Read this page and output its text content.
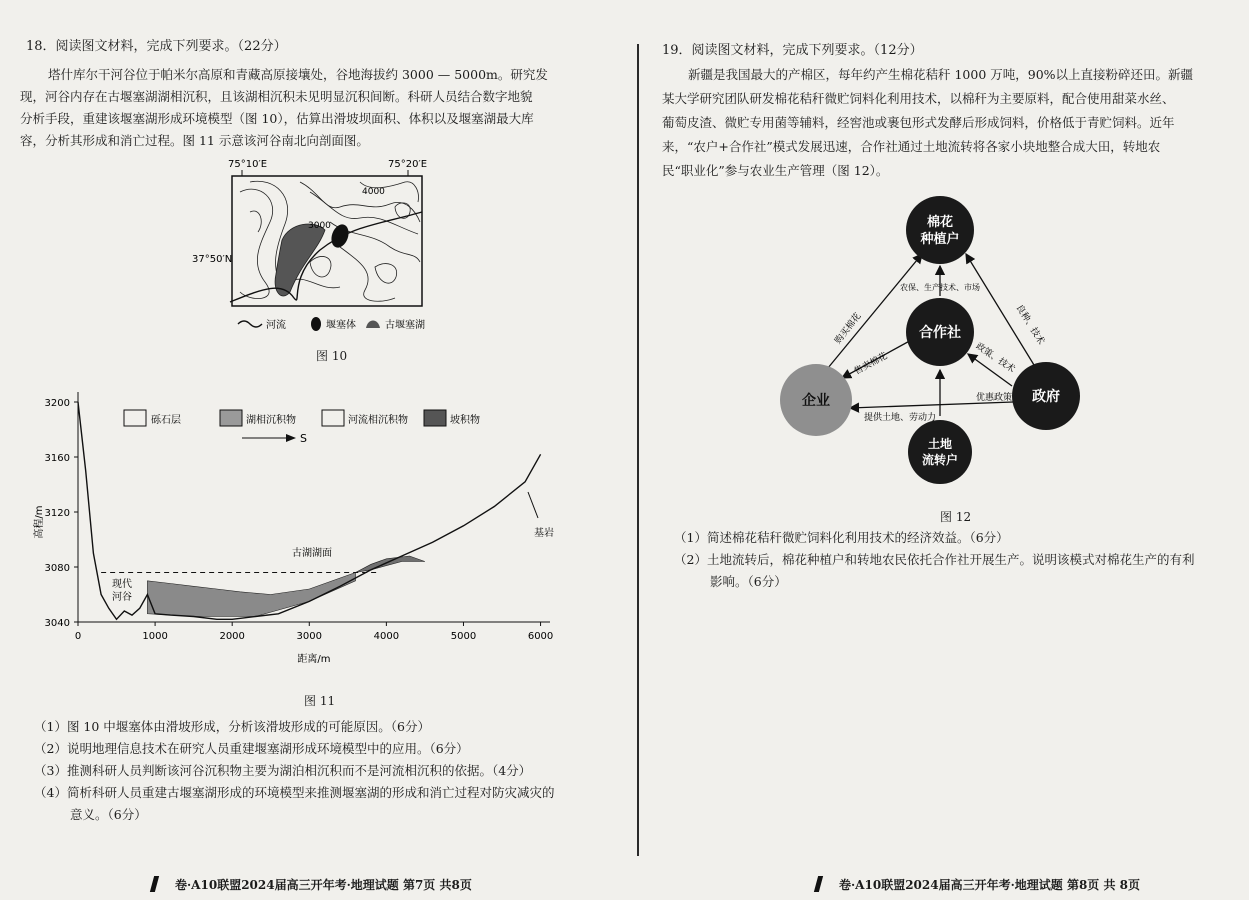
18．阅读图文材料，完成下列要求。（22分）
塔什库尔干河谷位于帕米尔高原和青藏高原接壤处，谷地海拔约 3000 — 5000m。研究发
现，河谷内存在古堰塞湖湖相沉积，且该湖相沉积未见明显沉积间断。科研人员结合数字地貌
分析手段，重建该堰塞湖形成环境模型（图 10），估算出滑坡坝面积、体积以及堰塞湖最大库
容，分析其形成和消亡过程。图 11 示意该河谷南北向剖面图。
75°10′E	75°20′E
37°50′N
3000
4000
河流	堰塞体	古堰塞湖
图 10
0	1000	2000	3000	4000	5000	6000
3040
3080
3120
3160
3200
高程/m
距离/m
古湖湖面
现代
河谷
基岩
砾石层	湖相沉积物	河流相沉积物	坡积物
S
图 11
（1）图 10 中堰塞体由滑坡形成，分析该滑坡形成的可能原因。（6分）
（2）说明地理信息技术在研究人员重建堰塞湖形成环境模型中的应用。（6分）
（3）推测科研人员判断该河谷沉积物主要为湖泊相沉积而不是河流相沉积的依据。（4分）
（4）简析科研人员重建古堰塞湖形成的环境模型来推测堰塞湖的形成和消亡过程对防灾减灾的
意义。（6分）
卷·A10联盟2024届高三开年考·地理试题 第7页 共8页
19．阅读图文材料，完成下列要求。（12分）
新疆是我国最大的产棉区，每年约产生棉花秸秆 1000 万吨，90%以上直接粉碎还田。新疆
某大学研究团队研发棉花秸秆微贮饲料化利用技术，以棉秆为主要原料，配合使用甜菜水丝、
葡萄皮渣、微贮专用菌等辅料，经窖池或裹包形式发酵后形成饲料，价格低于青贮饲料。近年
来，“农户+合作社”模式发展迅速，合作社通过土地流转将各家小块地整合成大田，转地农
民“职业化”参与农业生产管理（图 12）。
棉花
种植户
合作社
企业	政府
土地
流转户
购买棉花
农保、生产技术、市场
良种、技术
售卖棉花	政策、技术
优惠政策
提供土地、劳动力
图 12
（1）简述棉花秸秆微贮饲料化利用技术的经济效益。（6分）
（2）土地流转后，棉花种植户和转地农民依托合作社开展生产。说明该模式对棉花生产的有利
影响。（6分）
卷·A10联盟2024届高三开年考·地理试题 第8页 共 8页
